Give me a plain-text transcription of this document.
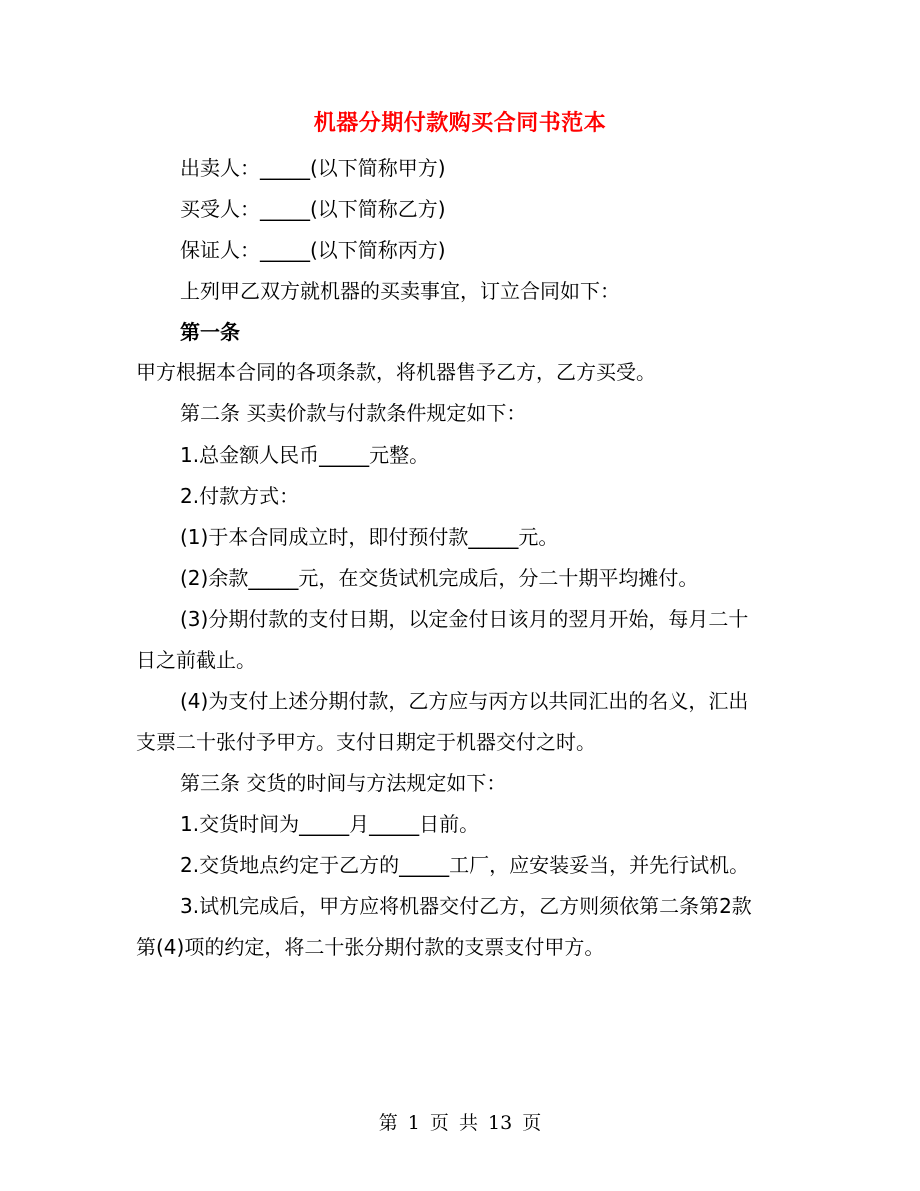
机器分期付款购买合同书范本
出卖人：_____(以下简称甲方)
买受人：_____(以下简称乙方)
保证人：_____(以下简称丙方)
上列甲乙双方就机器的买卖事宜，订立合同如下：
第一条
甲方根据本合同的各项条款，将机器售予乙方，乙方买受。
第二条 买卖价款与付款条件规定如下：
1.总金额人民币_____元整。
2.付款方式：
(1)于本合同成立时，即付预付款_____元。
(2)余款_____元，在交货试机完成后，分二十期平均摊付。
(3)分期付款的支付日期，以定金付日该月的翌月开始，每月二十
日之前截止。
(4)为支付上述分期付款，乙方应与丙方以共同汇出的名义，汇出
支票二十张付予甲方。支付日期定于机器交付之时。
第三条 交货的时间与方法规定如下：
1.交货时间为_____月_____日前。
2.交货地点约定于乙方的_____工厂，应安装妥当，并先行试机。
3.试机完成后，甲方应将机器交付乙方，乙方则须依第二条第2款
第(4)项的约定，将二十张分期付款的支票支付甲方。
第 1 页 共 13 页
